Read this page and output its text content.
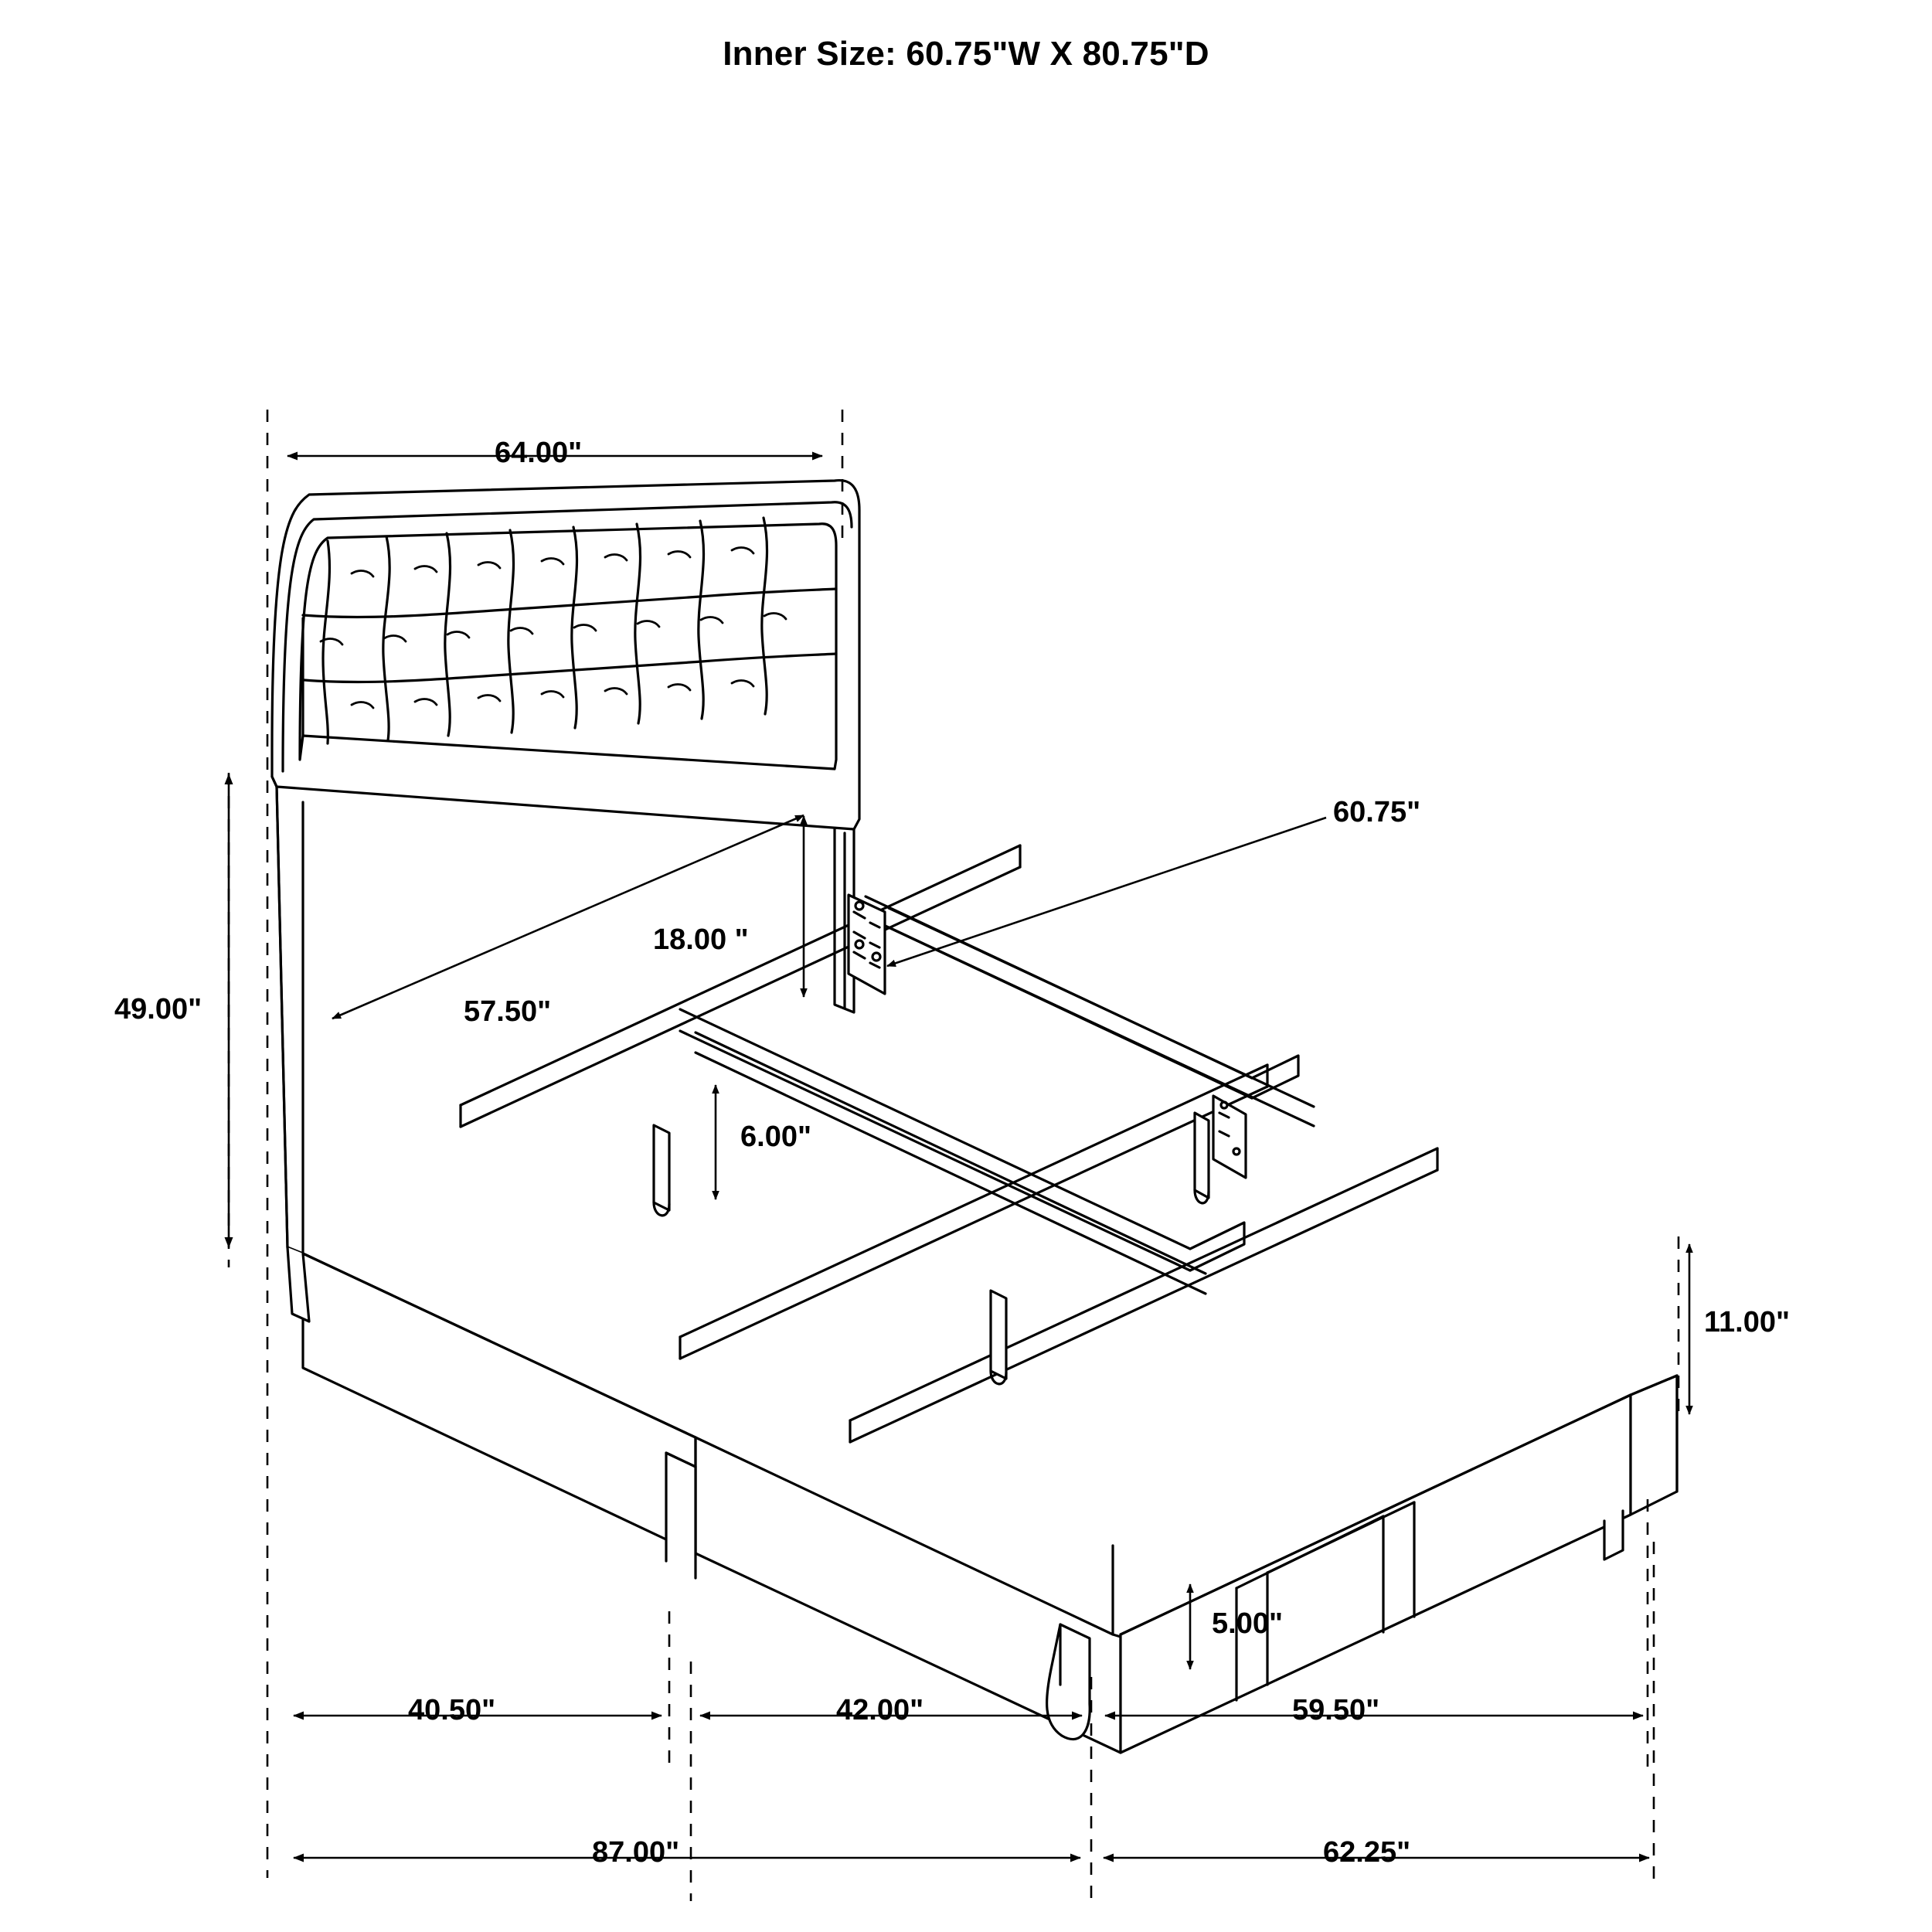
Inner Size: 60.75"W X 80.75"D
64.00"
49.00"	57.50"
18.00 "
60.75"
6.00"
11.00"
5.00"
40.50"	42.00"	59.50"
87.00"	62.25"
